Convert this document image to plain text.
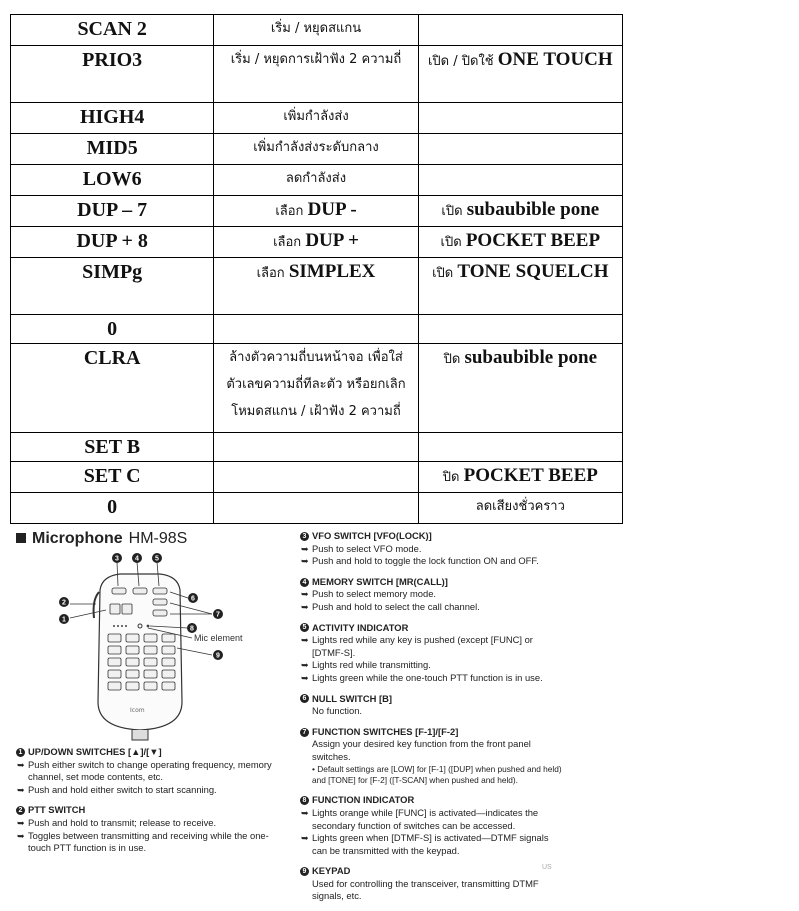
SCAN 2	เริ่ม / หยุดสแกน	
PRIO3	เริ่ม / หยุดการเฝ้าฟัง 2 ความถี่	เปิด / ปิดใช้ ONE TOUCH
HIGH4	เพิ่มกำลังส่ง	
MID5	เพิ่มกำลังส่งระดับกลาง	
LOW6	ลดกำลังส่ง	
DUP – 7	เลือก DUP -	เปิด subaubible pone
DUP + 8	เลือก DUP +	เปิด POCKET BEEP
SIMPg	เลือก SIMPLEX	เปิด TONE SQUELCH
0		
CLRA	ล้างตัวความถี่บนหน้าจอ เพื่อใส่ตัวเลขความถี่ทีละตัว หรือยกเลิกโหมดสแกน / เฝ้าฟัง 2 ความถี่	ปิด subaubible pone
SET B		
SET C		ปิด POCKET BEEP
0		ลดเสียงชั่วคราว
Microphone HM-98S
Icom
Mic element
3 4 5
2
1
6
7
8
9
1 UP/DOWN SWITCHES [▲]/[▼]
➥ Push either switch to change operating frequency, memory channel, set mode contents, etc.
➥ Push and hold either switch to start scanning.
2 PTT SWITCH
➥ Push and hold to transmit; release to receive.
➥ Toggles between transmitting and receiving while the one-touch PTT function is in use.
3 VFO SWITCH [VFO(LOCK)]
➥ Push to select VFO mode.
➥ Push and hold to toggle the lock function ON and OFF.
4 MEMORY SWITCH [MR(CALL)]
➥ Push to select memory mode.
➥ Push and hold to select the call channel.
5 ACTIVITY INDICATOR
➥ Lights red while any key is pushed (except [FUNC] or [DTMF-S].
➥ Lights red while transmitting.
➥ Lights green while the one-touch PTT function is in use.
6 NULL SWITCH [B]
No function.
7 FUNCTION SWITCHES [F-1]/[F-2]
Assign your desired key function from the front panel switches.
• Default settings are [LOW] for [F-1] ([DUP] when pushed and held) and [TONE] for [F-2] ([T-SCAN] when pushed and held).
8 FUNCTION INDICATOR
➥ Lights orange while [FUNC] is activated—indicates the secondary function of switches can be accessed.
➥ Lights green when [DTMF-S] is activated—DTMF signals can be transmitted with the keypad.
9 KEYPAD
Used for controlling the transceiver, transmitting DTMF signals, etc.
US
